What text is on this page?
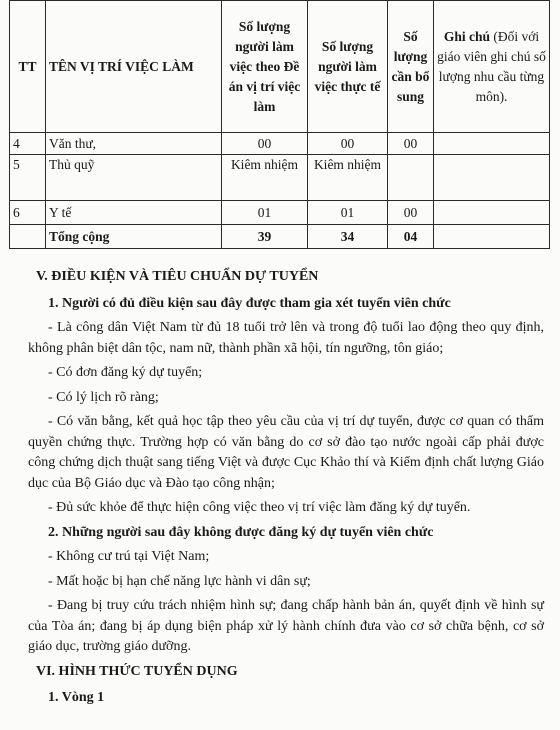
TT	TÊN VỊ TRÍ VIỆC LÀM	Số lượng người làm việc theo Đề án vị trí việc làm	Số lượng người làm việc thực tế	Số lượng cần bổ sung	Ghi chú (Đối với giáo viên ghi chú số lượng nhu cầu từng môn).
4	Văn thư,	00	00	00	
5	Thủ quỹ	Kiêm nhiệm	Kiêm nhiệm		
6	Y tế	01	01	00	
	Tổng cộng	39	34	04	

V. ĐIỀU KIỆN VÀ TIÊU CHUẨN DỰ TUYỂN

1. Người có đủ điều kiện sau đây được tham gia xét tuyển viên chức

- Là công dân Việt Nam từ đủ 18 tuổi trở lên và trong độ tuổi lao động theo quy định, không phân biệt dân tộc, nam nữ, thành phần xã hội, tín ngưỡng, tôn giáo;

- Có đơn đăng ký dự tuyển;

- Có lý lịch rõ ràng;

- Có văn bằng, kết quả học tập theo yêu cầu của vị trí dự tuyển, được cơ quan có thẩm quyền chứng thực. Trường hợp có văn bằng do cơ sở đào tạo nước ngoài cấp phải được công chứng dịch thuật sang tiếng Việt và được Cục Khảo thí và Kiểm định chất lượng Giáo dục của Bộ Giáo dục và Đào tạo công nhận;

- Đủ sức khỏe để thực hiện công việc theo vị trí việc làm đăng ký dự tuyển.

2. Những người sau đây không được đăng ký dự tuyển viên chức

- Không cư trú tại Việt Nam;

- Mất hoặc bị hạn chế năng lực hành vi dân sự;

- Đang bị truy cứu trách nhiệm hình sự; đang chấp hành bản án, quyết định về hình sự của Tòa án; đang bị áp dụng biện pháp xử lý hành chính đưa vào cơ sở chữa bệnh, cơ sở giáo dục, trường giáo dưỡng.

VI. HÌNH THỨC TUYỂN DỤNG

1. Vòng 1
